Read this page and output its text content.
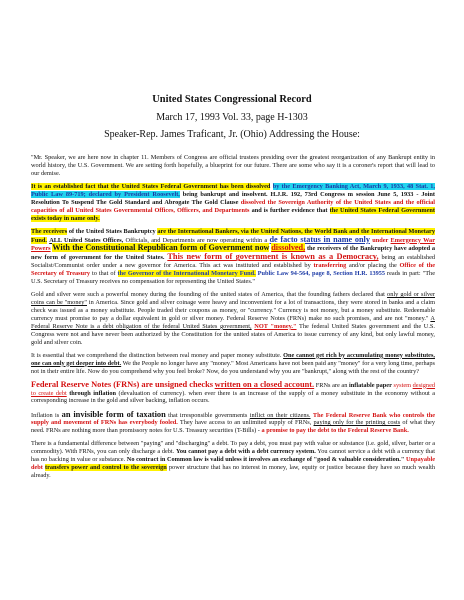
United States Congressional Record
March 17, 1993 Vol. 33, page H-1303
Speaker-Rep. James Traficant, Jr. (Ohio) Addressing the House:

"Mr. Speaker, we are here now in chapter 11. Members of Congress are official trustees presiding over the greatest reorganization of any Bankrupt entity in world history, the U.S. Government. We are setting forth hopefully, a blueprint for our future. There are some who say it is a coroner's report that will lead to our demise.

It is an established fact that the United States Federal Government has been dissolved by the Emergency Banking Act, March 9, 1933, 48 Stat. 1, Public Law 89-719; declared by President Roosevelt, being bankrupt and insolvent. H.J.R. 192, 73rd Congress m session June 5, 1933 - Joint Resolution To Suspend The Gold Standard and Abrogate The Gold Clause dissolved the Sovereign Authority of the United States and the official capacities of all United States Governmental Offices, Officers, and Departments and is further evidence that the United States Federal Government exists today in name only.

The receivers of the United States Bankruptcy are the International Bankers, via the United Nations, the World Bank and the International Monetary Fund. ALL United States Offices, Officials, and Departments are now operating within a de facto status in name only under Emergency War Powers With the Constitutional Republican form of Government now dissolved, the receivers of the Bankruptcy have adopted a new form of government for the United States. This new form of government is known as a Democracy, being an established Socialist/Communist order under a new governor for America. This act was instituted and established by transferring and/or placing the Office of the Secretary of Treasury to that of the Governor of the International Monetary Fund. Public Law 94-564, page 8, Section H.R. 13955 reads in part: "The U.S. Secretary of Treasury receives no compensation for representing the United States."

Gold and silver were such a powerful money during the founding of the united states of America, that the founding fathers declared that only gold or silver coins can be "money" in America. Since gold and silver coinage were heavy and inconvenient for a lot of transactions, they were stored in banks and a claim check was issued as a money substitute. People traded their coupons as money, or "currency." Currency is not money, but a money substitute. Redeemable currency must promise to pay a dollar equivalent in gold or silver money. Federal Reserve Notes (FRNs) make no such promises, and are not "money." A Federal Reserve Note is a debt obligation of the federal United States government, NOT "money." The federal United States government and the U.S. Congress were not and have never been authorized by the Constitution for the united states of America to issue currency of any kind, but only lawful money, gold and silver coin.

It is essential that we comprehend the distinction between real money and paper money substitute. One cannot get rich by accumulating money substitutes, one can only get deeper into debt. We the People no longer have any "money." Most Americans have not been paid any "money" for a very long time, perhaps not in their entire life. Now do you comprehend why you feel broke? Now, do you understand why you are "bankrupt," along with the rest of the country?

Federal Reserve Notes (FRNs) are unsigned checks written on a closed account. FRNs are an inflatable paper system designed to create debt through inflation (devaluation of currency). when ever there is an increase of the supply of a money substitute in the economy without a corresponding increase in the gold and silver backing, inflation occurs.

Inflation is an invisible form of taxation that irresponsible governments inflict on their citizens. The Federal Reserve Bank who controls the supply and movement of FRNs has everybody fooled. They have access to an unlimited supply of FRNs, paying only for the printing costs of what they need. FRNs are nothing more than promissory notes for U.S. Treasury securities (T-Bills) - a promise to pay the debt to the Federal Reserve Bank.

There is a fundamental difference between "paying" and "discharging" a debt. To pay a debt, you must pay with value or substance (i.e. gold, silver, barter or a commodity). With FRNs, you can only discharge a debt. You cannot pay a debt with a debt currency system. You cannot service a debt with a currency that has no backing in value or substance. No contract in Common law is valid unless it involves an exchange of "good & valuable consideration." Unpayable debt transfers power and control to the sovereign power structure that has no interest in money, law, equity or justice because they have so much wealth already.
